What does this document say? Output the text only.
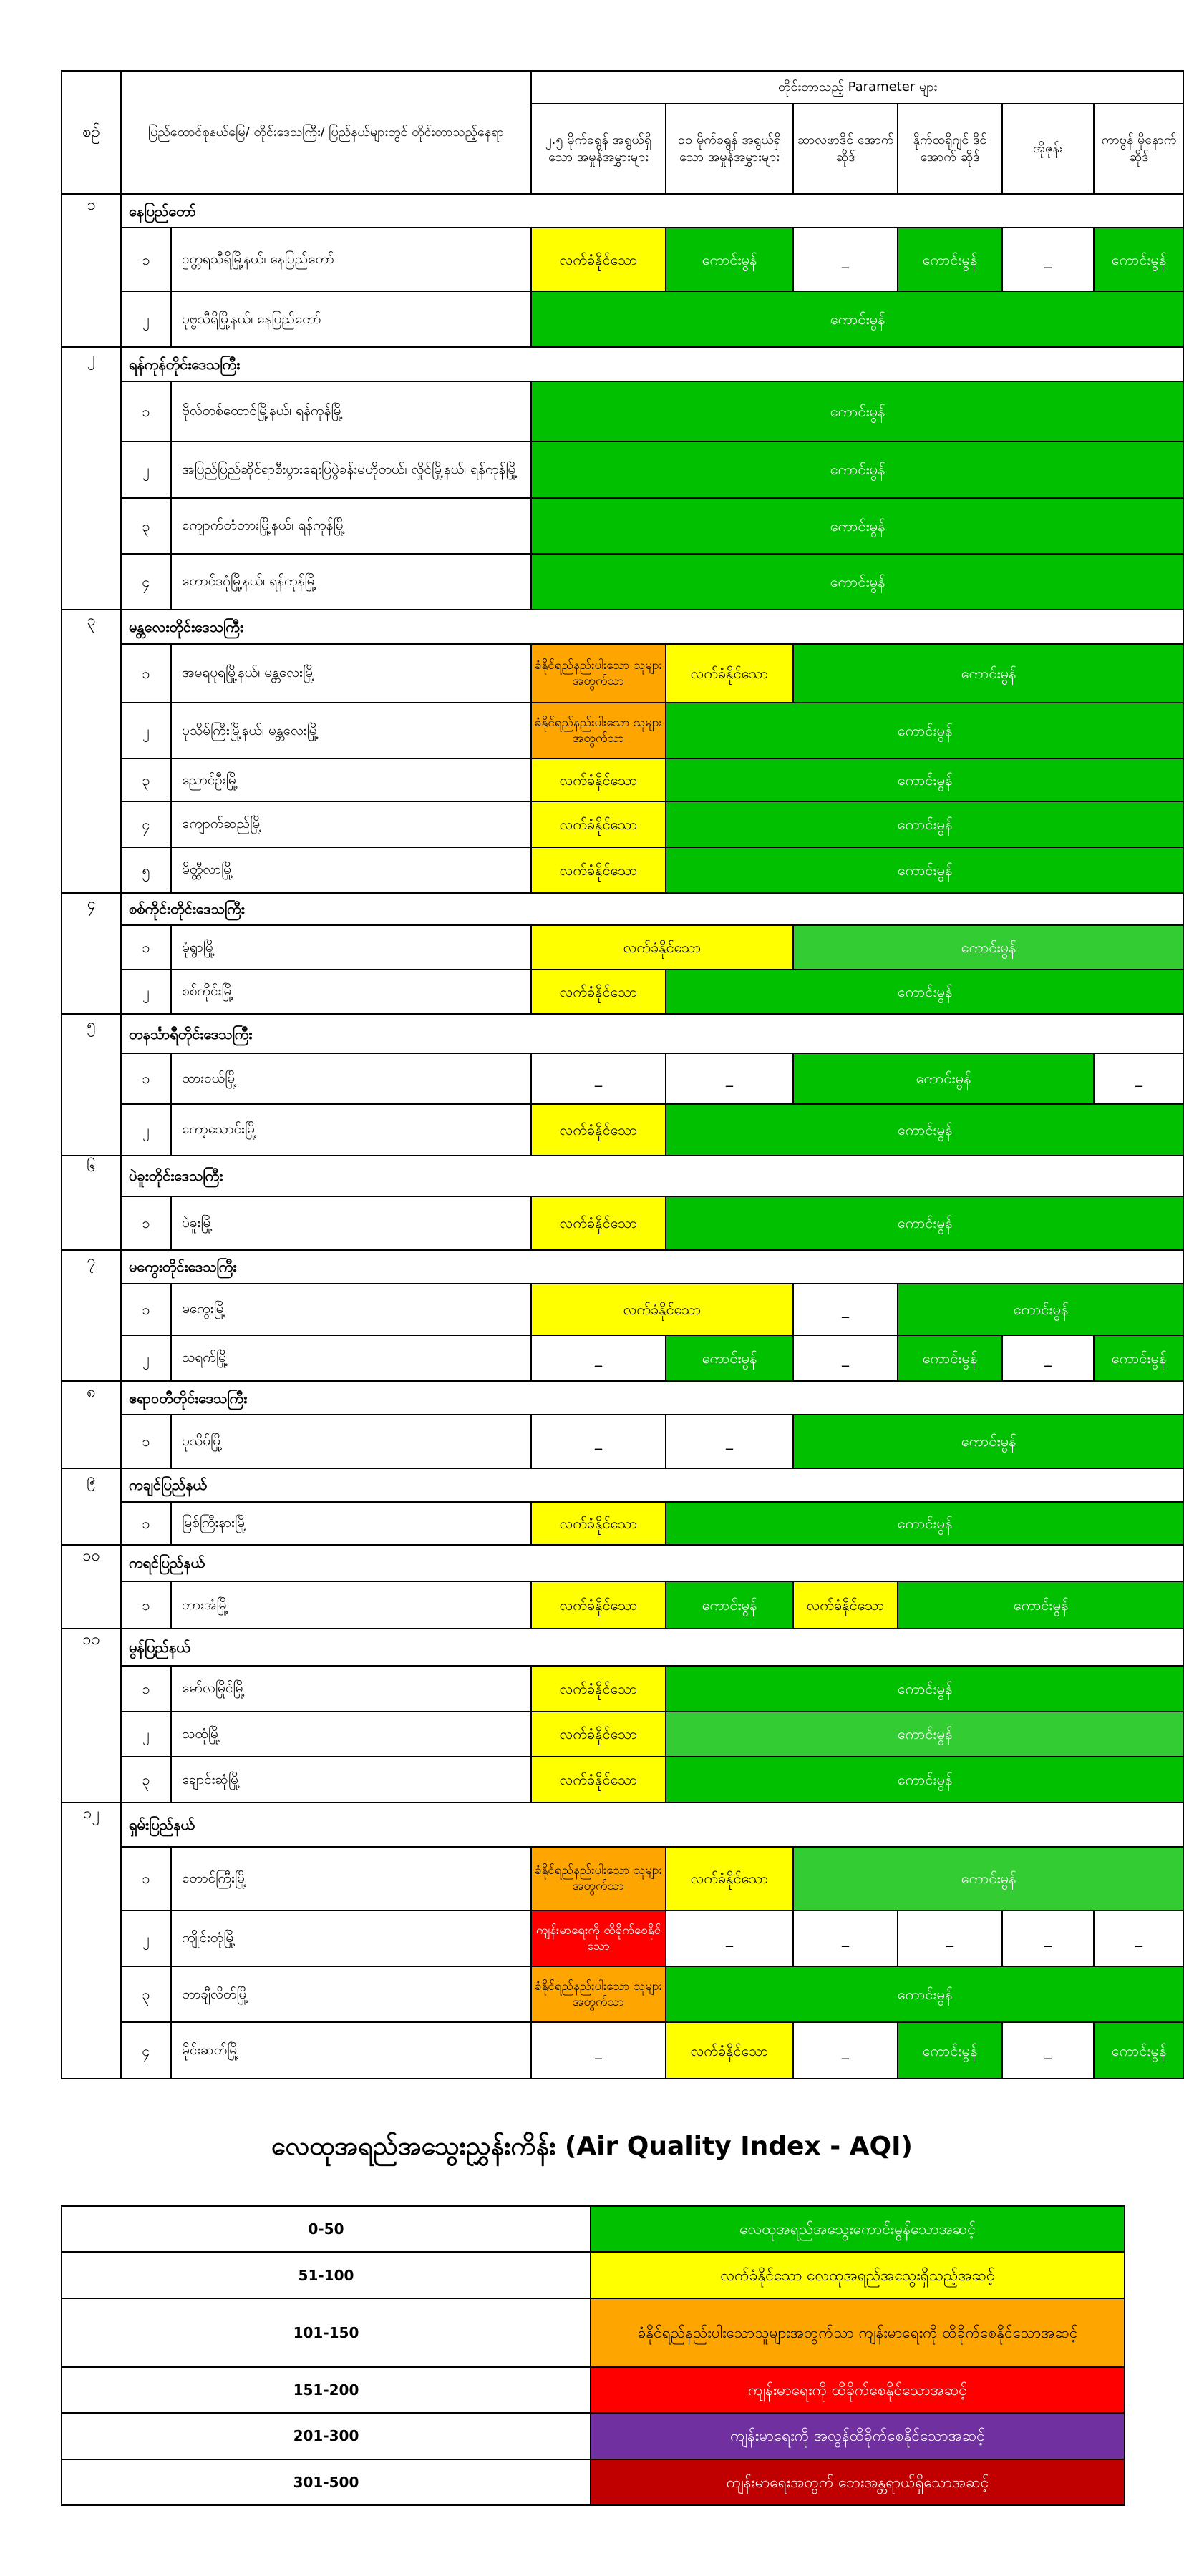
စဉ်	ပြည်ထောင်စုနယ်မြေ/ တိုင်းဒေသကြီး/ ပြည်နယ်များတွင် တိုင်းတာသည့်နေရာ		တိုင်းတာသည့် Parameter များ					
			၂.၅ မိုက်ခရွန် အရွယ်ရှိသော အမှုန်အမွှားများ	၁၀ မိုက်ခရွန် အရွယ်ရှိသော အမှုန်အမွှားများ	ဆာလဖာဒိုင် အောက်ဆိုဒ်	နိုက်ထရိုဂျင် ဒိုင်အောက် ဆိုဒ်	အိုဇုန်း	ကာဗွန် မိုနောက် ဆိုဒ်
၁	နေပြည်တော်							
	၁	ဥတ္တရသီရိမြို့နယ်၊ နေပြည်တော်	လက်ခံနိုင်သော	ကောင်းမွန်	_	ကောင်းမွန်	_	ကောင်းမွန်
	၂	ပုဗ္ဗသီရိမြို့နယ်၊ နေပြည်တော်	ကောင်းမွန်					
၂	ရန်ကုန်တိုင်းဒေသကြီး							
	၁	ဗိုလ်တစ်ထောင်မြို့နယ်၊ ရန်ကုန်မြို့	ကောင်းမွန်					
	၂	အပြည်ပြည်ဆိုင်ရာစီးပွားရေးပြပွဲခန်းမဟိုတယ်၊ လှိုင်မြို့နယ်၊ ရန်ကုန်မြို့	ကောင်းမွန်					
	၃	ကျောက်တံတားမြို့နယ်၊ ရန်ကုန်မြို့	ကောင်းမွန်					
	၄	တောင်ဒဂုံမြို့နယ်၊ ရန်ကုန်မြို့	ကောင်းမွန်					
၃	မန္တလေးတိုင်းဒေသကြီး							
	၁	အမရပူရမြို့နယ်၊ မန္တလေးမြို့	ခံနိုင်ရည်နည်းပါးသော သူများအတွက်သာ	လက်ခံနိုင်သော	ကောင်းမွန်			
	၂	ပုသိမ်ကြီးမြို့နယ်၊ မန္တလေးမြို့	ခံနိုင်ရည်နည်းပါးသော သူများအတွက်သာ	ကောင်းမွန်				
	၃	ညောင်ဦးမြို့	လက်ခံနိုင်သော	ကောင်းမွန်				
	၄	ကျောက်ဆည်မြို့	လက်ခံနိုင်သော	ကောင်းမွန်				
	၅	မိတ္ထီလာမြို့	လက်ခံနိုင်သော	ကောင်းမွန်				
၄	စစ်ကိုင်းတိုင်းဒေသကြီး							
	၁	မုံရွာမြို့	လက်ခံနိုင်သော		ကောင်းမွန်			
	၂	စစ်ကိုင်းမြို့	လက်ခံနိုင်သော	ကောင်းမွန်				
၅	တနင်္သာရီတိုင်းဒေသကြီး							
	၁	ထားဝယ်မြို့	_	_	ကောင်းမွန်			_
	၂	ကော့သောင်းမြို့	လက်ခံနိုင်သော	ကောင်းမွန်				
၆	ပဲခူးတိုင်းဒေသကြီး							
	၁	ပဲခူးမြို့	လက်ခံနိုင်သော	ကောင်းမွန်				
၇	မကွေးတိုင်းဒေသကြီး							
	၁	မကွေးမြို့	လက်ခံနိုင်သော		_	ကောင်းမွန်		
	၂	သရက်မြို့	_	ကောင်းမွန်	_	ကောင်းမွန်	_	ကောင်းမွန်
၈	ဧရာဝတီတိုင်းဒေသကြီး							
	၁	ပုသိမ်မြို့	_	_	ကောင်းမွန်			
၉	ကချင်ပြည်နယ်							
	၁	မြစ်ကြီးနားမြို့	လက်ခံနိုင်သော	ကောင်းမွန်				
၁၀	ကရင်ပြည်နယ်							
	၁	ဘားအံမြို့	လက်ခံနိုင်သော	ကောင်းမွန်	လက်ခံနိုင်သော	ကောင်းမွန်		
၁၁	မွန်ပြည်နယ်							
	၁	မော်လမြိုင်မြို့	လက်ခံနိုင်သော	ကောင်းမွန်				
	၂	သထုံမြို့	လက်ခံနိုင်သော	ကောင်းမွန်				
	၃	ချောင်းဆုံမြို့	လက်ခံနိုင်သော	ကောင်းမွန်				
၁၂	ရှမ်းပြည်နယ်							
	၁	တောင်ကြီးမြို့	ခံနိုင်ရည်နည်းပါးသော သူများအတွက်သာ	လက်ခံနိုင်သော	ကောင်းမွန်			
	၂	ကျိုင်းတုံမြို့	ကျန်းမာရေးကို ထိခိုက်စေနိုင်သော	_	_	_	_	_
	၃	တာချီလိတ်မြို့	ခံနိုင်ရည်နည်းပါးသော သူများအတွက်သာ	ကောင်းမွန်				
	၄	မိုင်းဆတ်မြို့	_	လက်ခံနိုင်သော	_	ကောင်းမွန်	_	ကောင်းမွန်
လေထုအရည်အသွေးညွှန်းကိန်း (Air Quality Index - AQI)
0-50	လေထုအရည်အသွေးကောင်းမွန်သောအဆင့်
51-100	လက်ခံနိုင်သော လေထုအရည်အသွေးရှိသည့်အဆင့်
101-150	ခံနိုင်ရည်နည်းပါးသောသူများအတွက်သာ ကျန်းမာရေးကို ထိခိုက်စေနိုင်သောအဆင့်
151-200	ကျန်းမာရေးကို ထိခိုက်စေနိုင်သောအဆင့်
201-300	ကျန်းမာရေးကို အလွန်ထိခိုက်စေနိုင်သောအဆင့်
301-500	ကျန်းမာရေးအတွက် ဘေးအန္တရာယ်ရှိသောအဆင့်
